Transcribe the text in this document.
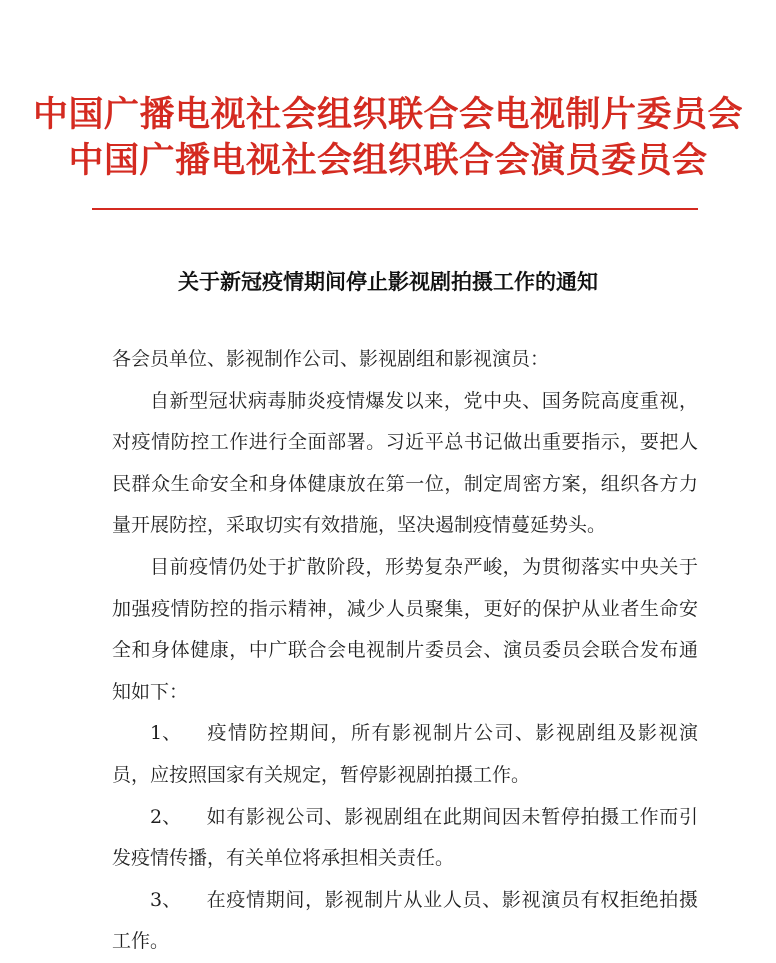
中国广播电视社会组织联合会电视制片委员会
中国广播电视社会组织联合会演员委员会
关于新冠疫情期间停止影视剧拍摄工作的通知

各会员单位、影视制作公司、影视剧组和影视演员：

自新型冠状病毒肺炎疫情爆发以来，党中央、国务院高度重视，对疫情防控工作进行全面部署。习近平总书记做出重要指示，要把人民群众生命安全和身体健康放在第一位，制定周密方案，组织各方力量开展防控，采取切实有效措施，坚决遏制疫情蔓延势头。

目前疫情仍处于扩散阶段，形势复杂严峻，为贯彻落实中央关于加强疫情防控的指示精神，减少人员聚集，更好的保护从业者生命安全和身体健康，中广联合会电视制片委员会、演员委员会联合发布通知如下：

1、 疫情防控期间，所有影视制片公司、影视剧组及影视演员，应按照国家有关规定，暂停影视剧拍摄工作。

2、 如有影视公司、影视剧组在此期间因未暂停拍摄工作而引发疫情传播，有关单位将承担相关责任。

3、 在疫情期间，影视制片从业人员、影视演员有权拒绝拍摄工作。
